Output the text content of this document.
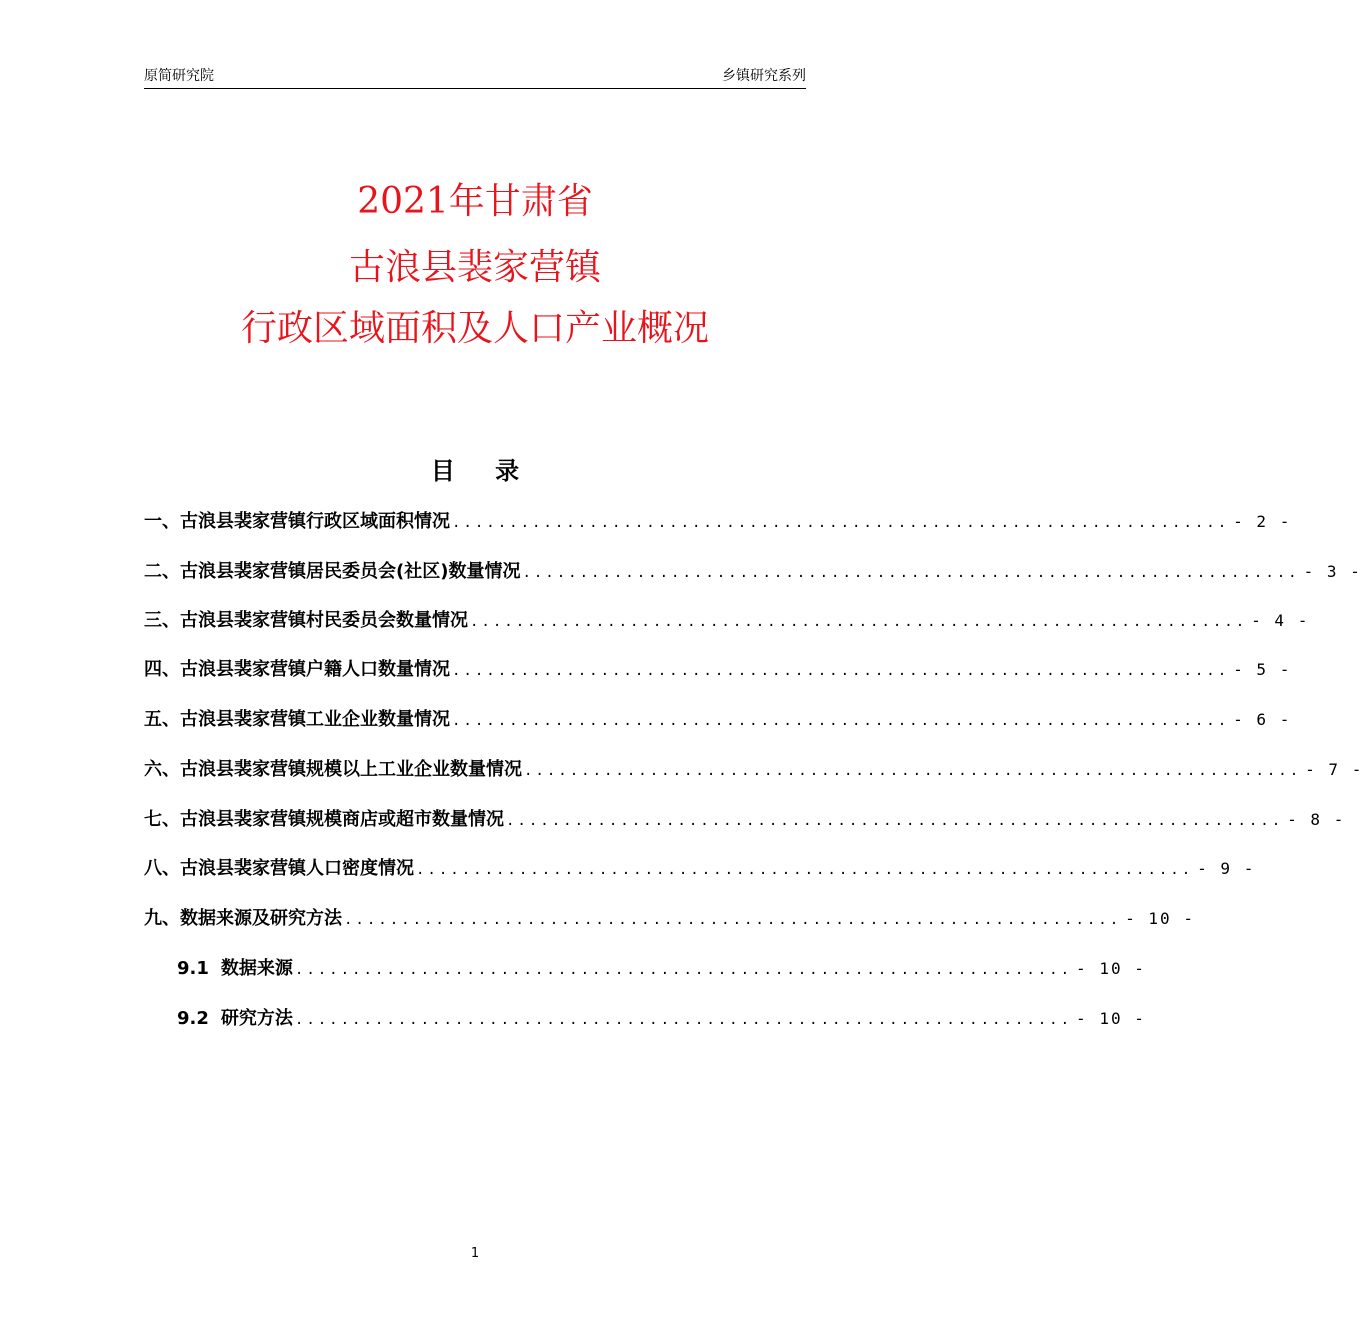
原简研究院	乡镇研究系列
2021年甘肃省
古浪县裴家营镇
行政区域面积及人口产业概况
目 录
一、古浪县裴家营镇行政区域面积情况 .................................................................... - 2 -
二、古浪县裴家营镇居民委员会(社区)数量情况 .................................................................... - 3 -
三、古浪县裴家营镇村民委员会数量情况 .................................................................... - 4 -
四、古浪县裴家营镇户籍人口数量情况 .................................................................... - 5 -
五、古浪县裴家营镇工业企业数量情况 .................................................................... - 6 -
六、古浪县裴家营镇规模以上工业企业数量情况 .................................................................... - 7 -
七、古浪县裴家营镇规模商店或超市数量情况 .................................................................... - 8 -
八、古浪县裴家营镇人口密度情况 .................................................................... - 9 -
九、数据来源及研究方法 .................................................................... - 10 -
9.1 数据来源 .................................................................... - 10 -
9.2 研究方法 .................................................................... - 10 -
1
